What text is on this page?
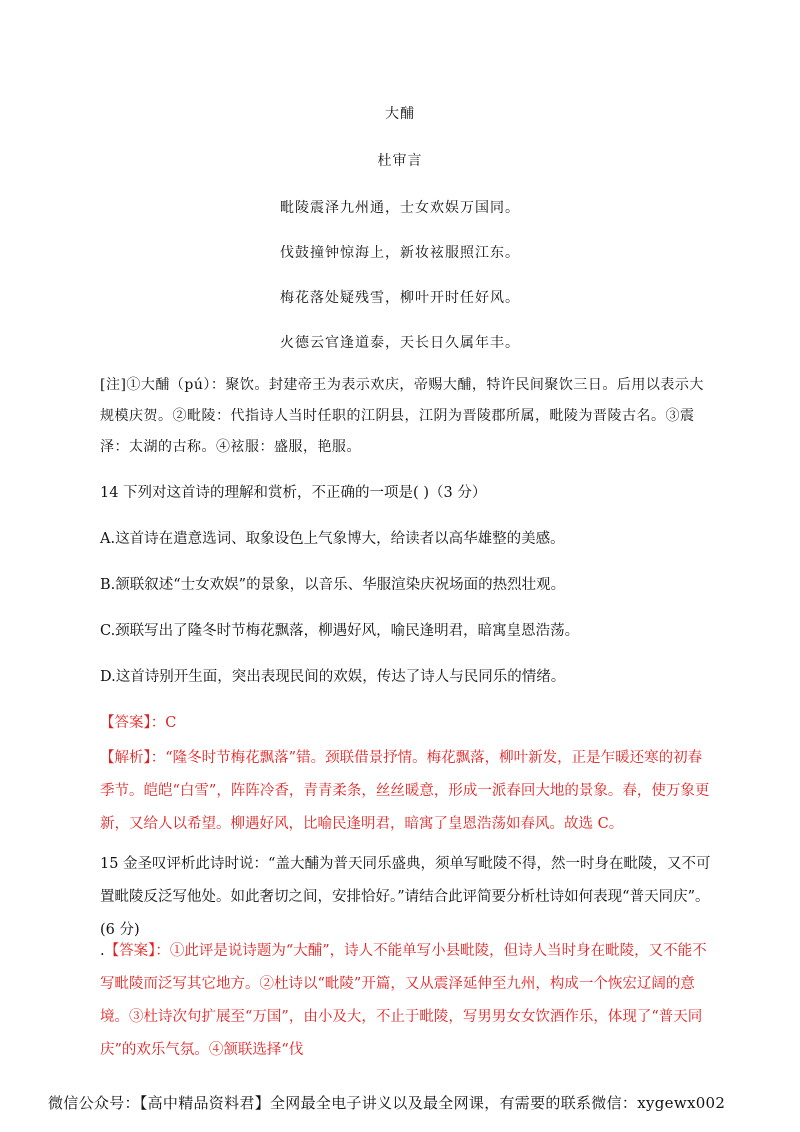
大酺
杜审言
毗陵震泽九州通，士女欢娱万国同。
伐鼓撞钟惊海上，新妆袨服照江东。
梅花落处疑残雪，柳叶开时任好风。
火德云官逢道泰，天长日久属年丰。
[注]①大酺（pú）：聚饮。封建帝王为表示欢庆，帝赐大酺，特许民间聚饮三日。后用以表示大规模庆贺。②毗陵：代指诗人当时任职的江阴县，江阴为晋陵郡所属，毗陵为晋陵古名。③震泽：太湖的古称。④袨服：盛服，艳服。
14 下列对这首诗的理解和赏析，不正确的一项是( )（3 分）
A.这首诗在遣意选词、取象设色上气象博大，给读者以高华雄整的美感。
B.颔联叙述“士女欢娱”的景象，以音乐、华服渲染庆祝场面的热烈壮观。
C.颈联写出了隆冬时节梅花飘落，柳遇好风，喻民逢明君，暗寓皇恩浩荡。
D.这首诗别开生面，突出表现民间的欢娱，传达了诗人与民同乐的情绪。
【答案】：C
【解析】：“隆冬时节梅花飘落”错。颈联借景抒情。梅花飘落，柳叶新发，正是乍暖还寒的初春季节。皑皑“白雪”，阵阵冷香，青青柔条，丝丝暖意，形成一派春回大地的景象。春，使万象更新，又给人以希望。柳遇好风，比喻民逢明君，暗寓了皇恩浩荡如春风。故选 C。
15 金圣叹评析此诗时说：“盖大酺为普天同乐盛典，须单写毗陵不得，然一时身在毗陵，又不可置毗陵反泛写他处。如此奢切之间，安排恰好。”请结合此评简要分析杜诗如何表现“普天同庆”。(6 分)
.【答案】：①此评是说诗题为“大酺”，诗人不能单写小县毗陵，但诗人当时身在毗陵，又不能不写毗陵而泛写其它地方。②杜诗以“毗陵”开篇，又从震泽延伸至九州，构成一个恢宏辽阔的意境。③杜诗次句扩展至“万国”，由小及大，不止于毗陵，写男男女女饮酒作乐，体现了“普天同庆”的欢乐气氛。④颔联选择“伐
微信公众号：【高中精品资料君】全网最全电子讲义以及最全网课，有需要的联系微信：xygewx002
